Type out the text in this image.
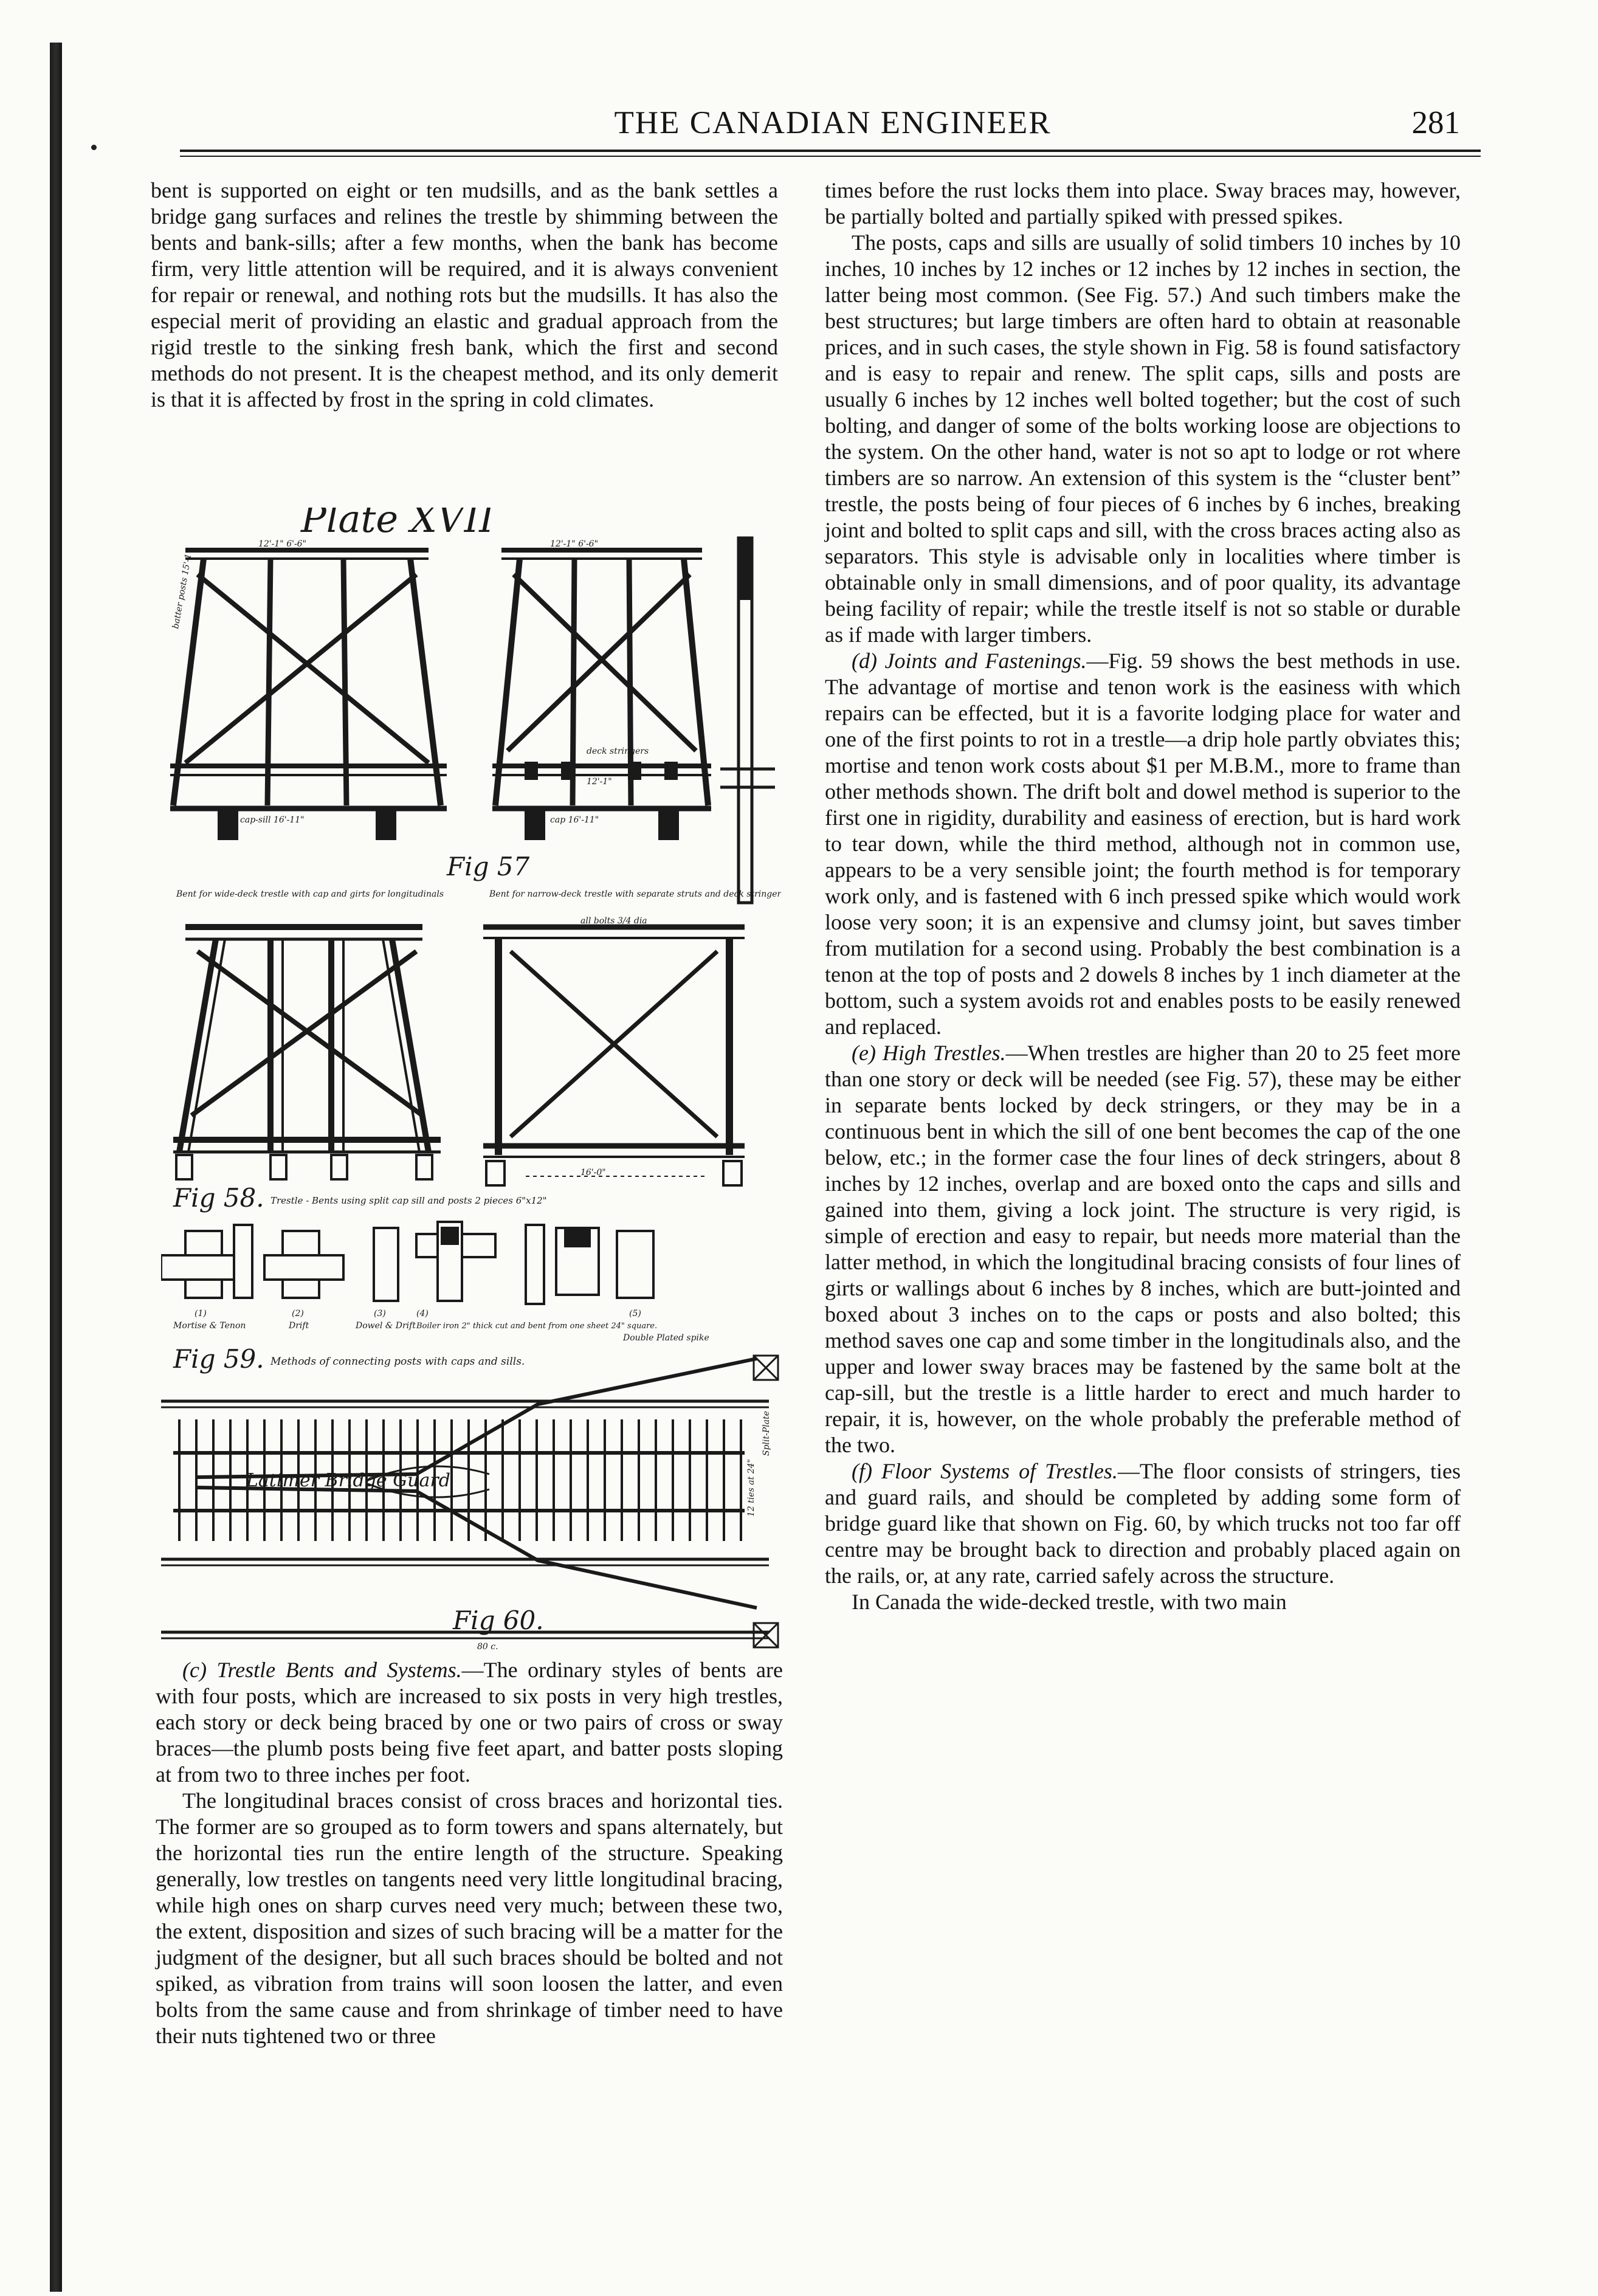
THE CANADIAN ENGINEER	281

bent is supported on eight or ten mudsills, and as the bank settles a bridge gang surfaces and relines the trestle by shimming between the bents and bank-sills; after a few months, when the bank has become firm, very little attention will be required, and it is always convenient for repair or renewal, and nothing rots but the mudsills. It has also the especial merit of providing an elastic and gradual approach from the rigid trestle to the sinking fresh bank, which the first and second methods do not present. It is the cheapest method, and its only demerit is that it is affected by frost in the spring in cold climates.

Plate XVII
Fig 57
Bent for wide-deck trestle with cap and girts for longitudinals	Bent for narrow-deck trestle with separate struts and deck stringers
12'-1" 6'-6"	12'-1" 6'-6"
cap-sill 16'-11"	cap 16'-11"
deck stringers
12'-1"
batter posts 15'-1"
all bolts 3/4 dia
16'-0"
Fig 58. Trestle - Bents using split cap sill and posts 2 pieces 6"x12"
(1)
Mortise & Tenon
(2)
Drift
(3)
Dowel & Drift
(4)
Boiler iron 2" thick cut and bent from one sheet 24" square.
(5)
Double Plated spike
Fig 59. Methods of connecting posts with caps and sills.
Latimer Bridge Guard
Fig 60.
80 c.
12 ties at 24"
Split-Plate

(c) Trestle Bents and Systems.—The ordinary styles of bents are with four posts, which are increased to six posts in very high trestles, each story or deck being braced by one or two pairs of cross or sway braces—the plumb posts being five feet apart, and batter posts sloping at from two to three inches per foot.

The longitudinal braces consist of cross braces and horizontal ties. The former are so grouped as to form towers and spans alternately, but the horizontal ties run the entire length of the structure. Speaking generally, low trestles on tangents need very little longitudinal bracing, while high ones on sharp curves need very much; between these two, the extent, disposition and sizes of such bracing will be a matter for the judgment of the designer, but all such braces should be bolted and not spiked, as vibration from trains will soon loosen the latter, and even bolts from the same cause and from shrinkage of timber need to have their nuts tightened two or three

times before the rust locks them into place. Sway braces may, however, be partially bolted and partially spiked with pressed spikes.

The posts, caps and sills are usually of solid timbers 10 inches by 10 inches, 10 inches by 12 inches or 12 inches by 12 inches in section, the latter being most common. (See Fig. 57.) And such timbers make the best structures; but large timbers are often hard to obtain at reasonable prices, and in such cases, the style shown in Fig. 58 is found satisfactory and is easy to repair and renew. The split caps, sills and posts are usually 6 inches by 12 inches well bolted together; but the cost of such bolting, and danger of some of the bolts working loose are objections to the system. On the other hand, water is not so apt to lodge or rot where timbers are so narrow. An extension of this system is the “cluster bent” trestle, the posts being of four pieces of 6 inches by 6 inches, breaking joint and bolted to split caps and sill, with the cross braces acting also as separators. This style is advisable only in localities where timber is obtainable only in small dimensions, and of poor quality, its advantage being facility of repair; while the trestle itself is not so stable or durable as if made with larger timbers.

(d) Joints and Fastenings.—Fig. 59 shows the best methods in use. The advantage of mortise and tenon work is the easiness with which repairs can be effected, but it is a favorite lodging place for water and one of the first points to rot in a trestle—a drip hole partly obviates this; mortise and tenon work costs about $1 per M.B.M., more to frame than other methods shown. The drift bolt and dowel method is superior to the first one in rigidity, durability and easiness of erection, but is hard work to tear down, while the third method, although not in common use, appears to be a very sensible joint; the fourth method is for temporary work only, and is fastened with 6 inch pressed spike which would work loose very soon; it is an expensive and clumsy joint, but saves timber from mutilation for a second using. Probably the best combination is a tenon at the top of posts and 2 dowels 8 inches by 1 inch diameter at the bottom, such a system avoids rot and enables posts to be easily renewed and replaced.

(e) High Trestles.—When trestles are higher than 20 to 25 feet more than one story or deck will be needed (see Fig. 57), these may be either in separate bents locked by deck stringers, or they may be in a continuous bent in which the sill of one bent becomes the cap of the one below, etc.; in the former case the four lines of deck stringers, about 8 inches by 12 inches, overlap and are boxed onto the caps and sills and gained into them, giving a lock joint. The structure is very rigid, is simple of erection and easy to repair, but needs more material than the latter method, in which the longitudinal bracing consists of four lines of girts or wallings about 6 inches by 8 inches, which are butt-jointed and boxed about 3 inches on to the caps or posts and also bolted; this method saves one cap and some timber in the longitudinals also, and the upper and lower sway braces may be fastened by the same bolt at the cap-sill, but the trestle is a little harder to erect and much harder to repair, it is, however, on the whole probably the preferable method of the two.

(f) Floor Systems of Trestles.—The floor consists of stringers, ties and guard rails, and should be completed by adding some form of bridge guard like that shown on Fig. 60, by which trucks not too far off centre may be brought back to direction and probably placed again on the rails, or, at any rate, carried safely across the structure.

In Canada the wide-decked trestle, with two main
